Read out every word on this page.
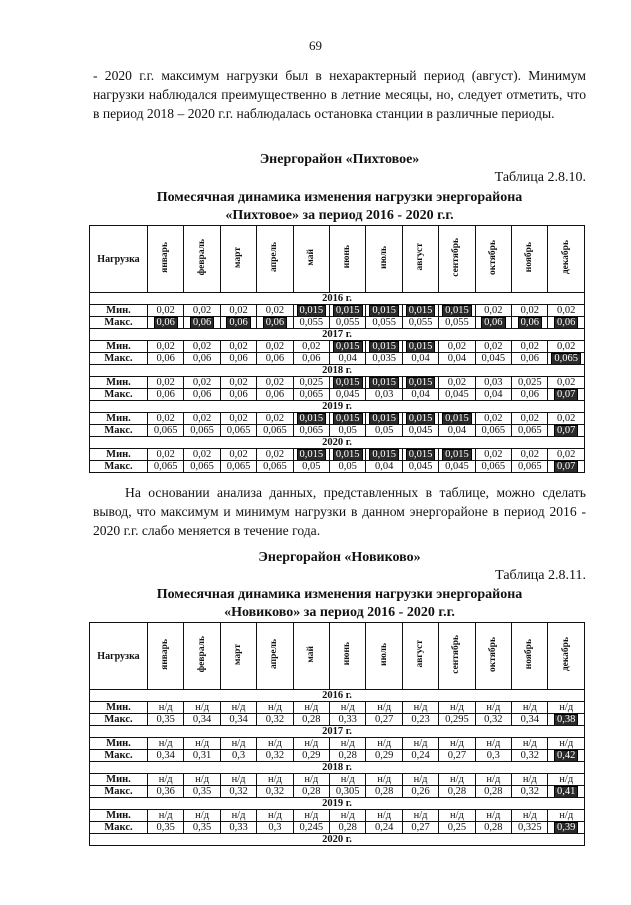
69

- 2020 г.г. максимум нагрузки был в нехарактерный период (август). Минимум нагрузки наблюдался преимущественно в летние месяцы, но, следует отметить, что в период 2018 – 2020 г.г. наблюдалась остановка станции в различные периоды.

Энергорайон «Пихтовое»
Таблица 2.8.10.
Помесячная динамика изменения нагрузки энергорайона
«Пихтовое» за период 2016 - 2020 г.г.
Нагрузка	январь	февраль	март	апрель	май	июнь	июль	август	сентябрь	октябрь	ноябрь	декабрь
2016 г.												
Мин.	0,02	0,02	0,02	0,02	0,015	0,015	0,015	0,015	0,015	0,02	0,02	0,02
Макс.	0,06	0,06	0,06	0,06	0,055	0,055	0,055	0,055	0,055	0,06	0,06	0,06
2017 г.												
Мин.	0,02	0,02	0,02	0,02	0,02	0,015	0,015	0,015	0,02	0,02	0,02	0,02
Макс.	0,06	0,06	0,06	0,06	0,06	0,04	0,035	0,04	0,04	0,045	0,06	0,065
2018 г.												
Мин.	0,02	0,02	0,02	0,02	0,025	0,015	0,015	0,015	0,02	0,03	0,025	0,02
Макс.	0,06	0,06	0,06	0,06	0,065	0,045	0,03	0,04	0,045	0,04	0,06	0,07
2019 г.												
Мин.	0,02	0,02	0,02	0,02	0,015	0,015	0,015	0,015	0,015	0,02	0,02	0,02
Макс.	0,065	0,065	0,065	0,065	0,065	0,05	0,05	0,045	0,04	0,065	0,065	0,07
2020 г.												
Мин.	0,02	0,02	0,02	0,02	0,015	0,015	0,015	0,015	0,015	0,02	0,02	0,02
Макс.	0,065	0,065	0,065	0,065	0,05	0,05	0,04	0,045	0,045	0,065	0,065	0,07

На основании анализа данных, представленных в таблице, можно сделать вывод, что максимум и минимум нагрузки в данном энергорайоне в период 2016 - 2020 г.г. слабо меняется в течение года.

Энергорайон «Новиково»
Таблица 2.8.11.
Помесячная динамика изменения нагрузки энергорайона
«Новиково» за период 2016 - 2020 г.г.
Нагрузка	январь	февраль	март	апрель	май	июнь	июль	август	сентябрь	октябрь	ноябрь	декабрь
2016 г.												
Мин.	н/д	н/д	н/д	н/д	н/д	н/д	н/д	н/д	н/д	н/д	н/д	н/д
Макс.	0,35	0,34	0,34	0,32	0,28	0,33	0,27	0,23	0,295	0,32	0,34	0,38
2017 г.												
Мин.	н/д	н/д	н/д	н/д	н/д	н/д	н/д	н/д	н/д	н/д	н/д	н/д
Макс.	0,34	0,31	0,3	0,32	0,29	0,28	0,29	0,24	0,27	0,3	0,32	0,42
2018 г.												
Мин.	н/д	н/д	н/д	н/д	н/д	н/д	н/д	н/д	н/д	н/д	н/д	н/д
Макс.	0,36	0,35	0,32	0,32	0,28	0,305	0,28	0,26	0,28	0,28	0,32	0,41
2019 г.												
Мин.	н/д	н/д	н/д	н/д	н/д	н/д	н/д	н/д	н/д	н/д	н/д	н/д
Макс.	0,35	0,35	0,33	0,3	0,245	0,28	0,24	0,27	0,25	0,28	0,325	0,39
2020 г.												
